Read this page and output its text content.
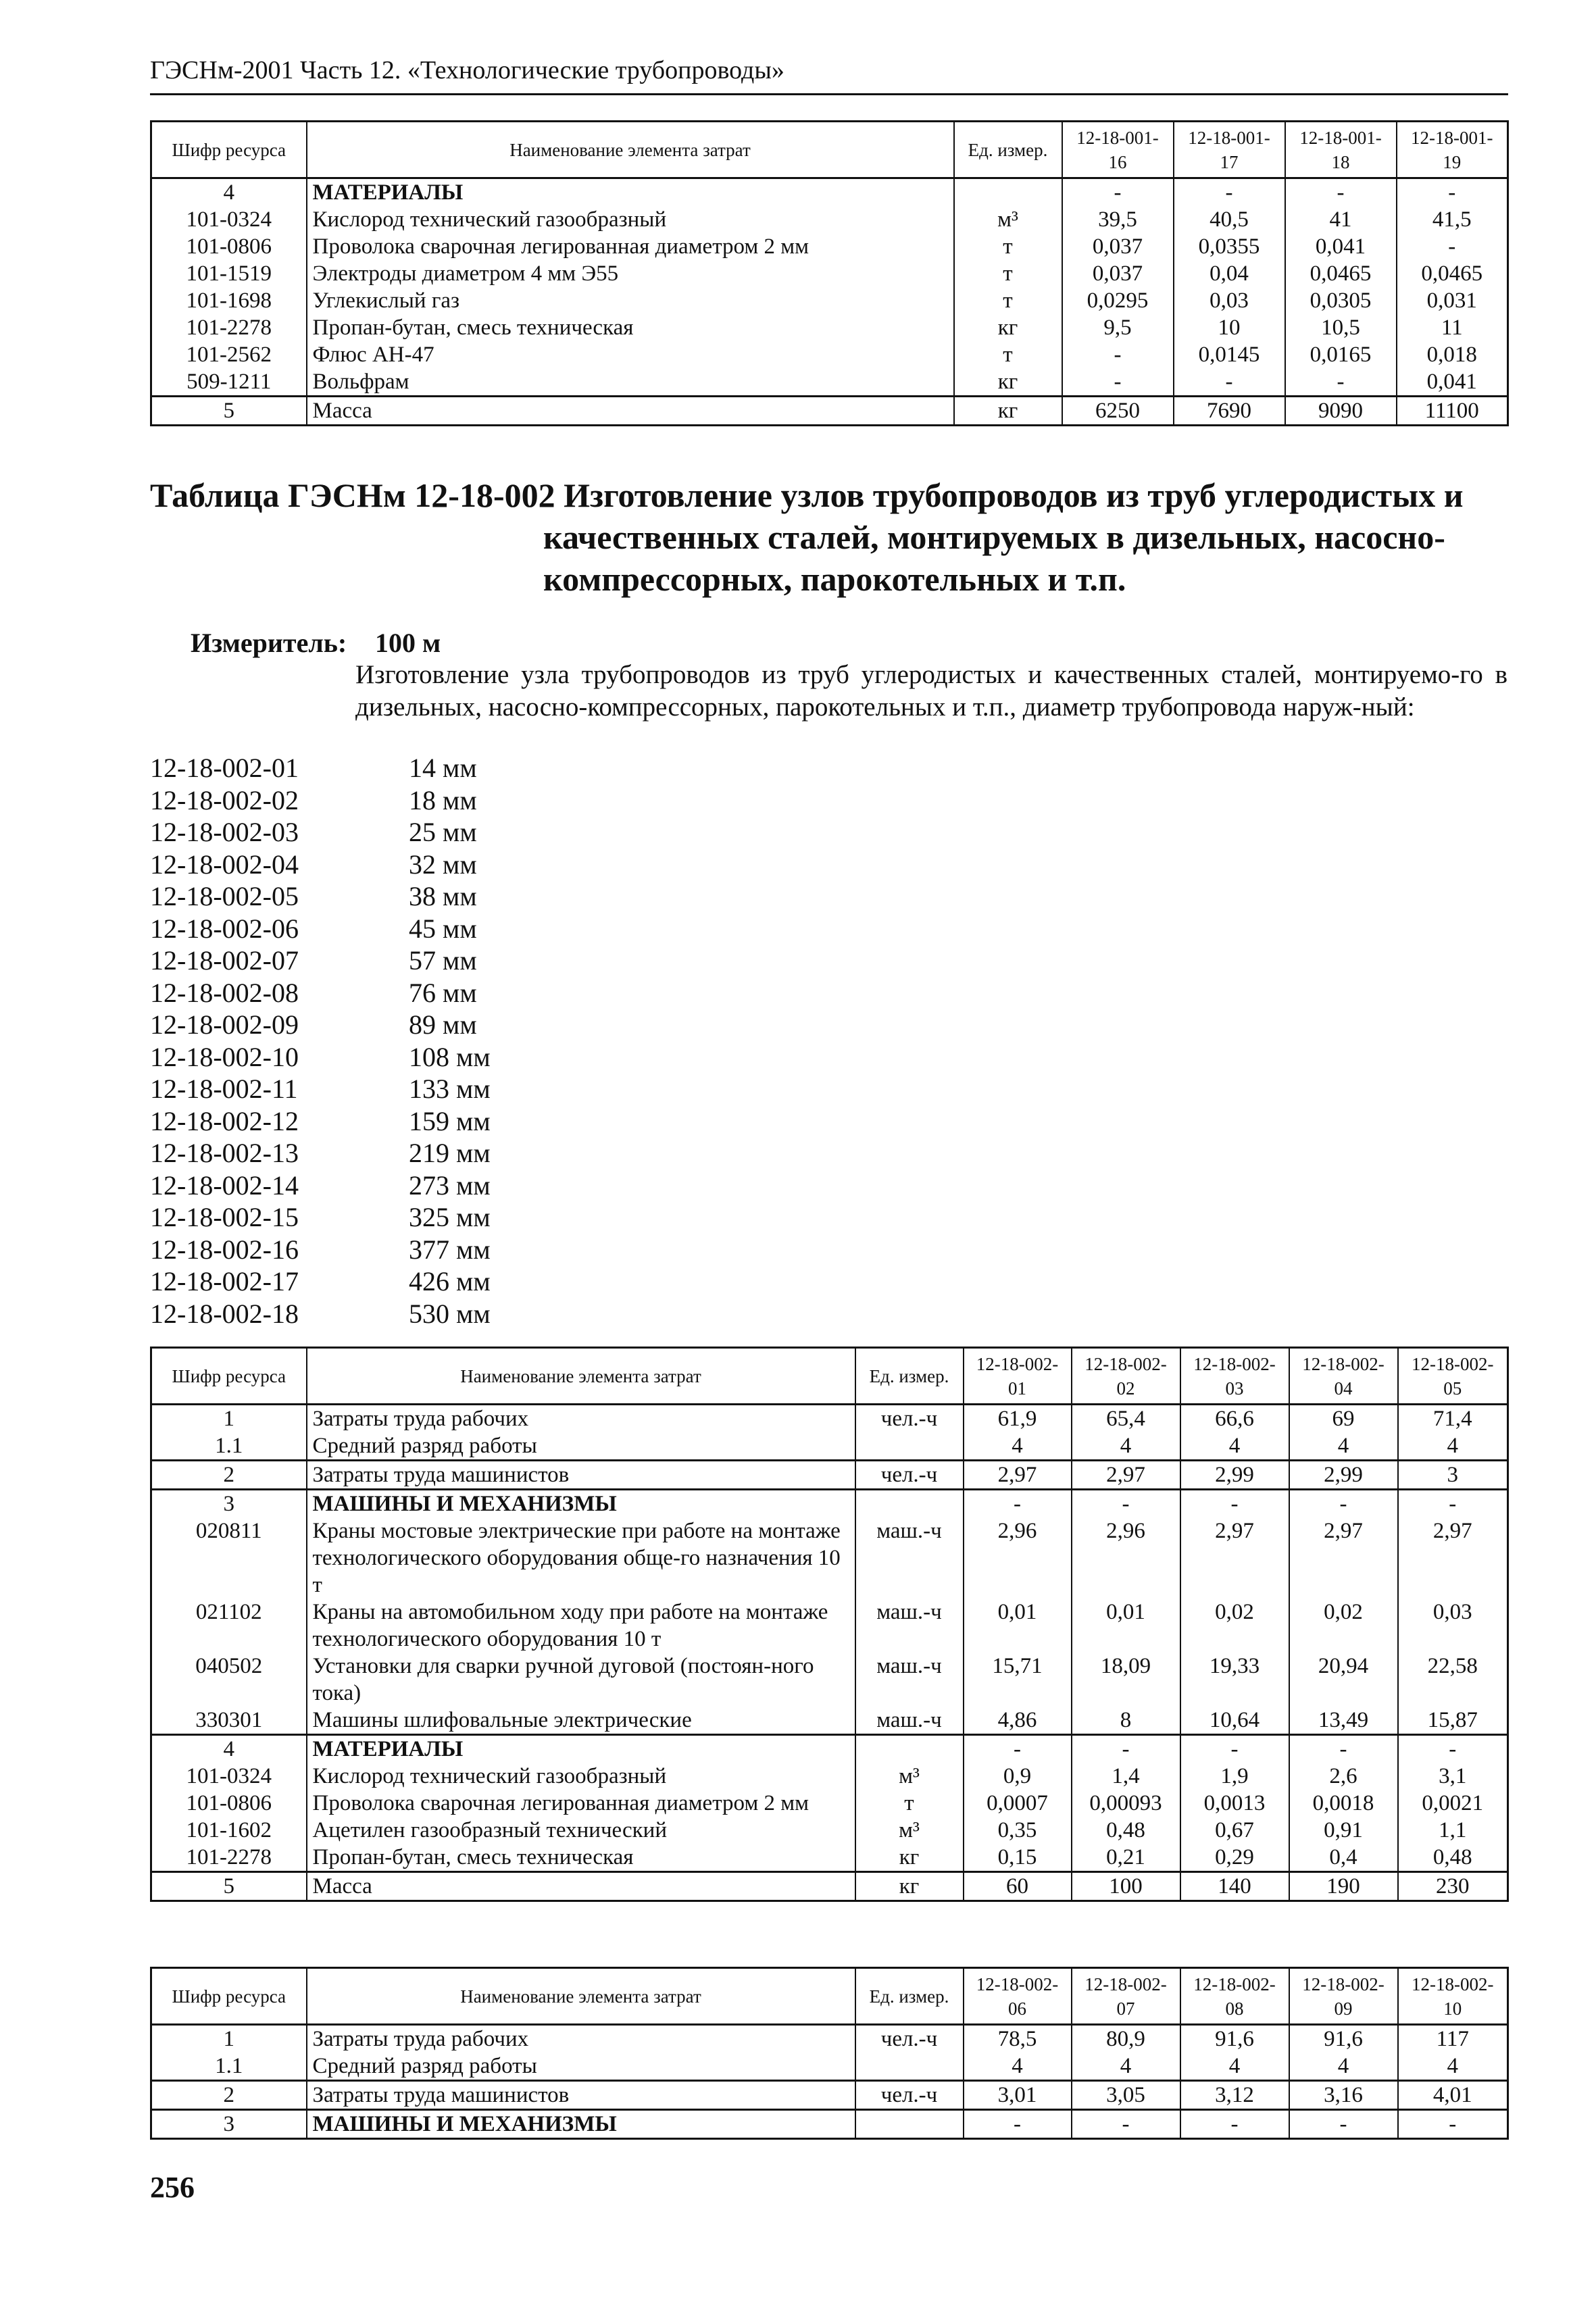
ГЭСНм-2001 Часть 12. «Технологические трубопроводы»
Шифр ресурса	Наименование элемента затрат	Ед. измер.	12-18-001-16	12-18-001-17	12-18-001-18	12-18-001-19
4	МАТЕРИАЛЫ		-	-	-	-
101-0324	Кислород технический газообразный	м³	39,5	40,5	41	41,5
101-0806	Проволока сварочная легированная диаметром 2 мм	т	0,037	0,0355	0,041	-
101-1519	Электроды диаметром 4 мм Э55	т	0,037	0,04	0,0465	0,0465
101-1698	Углекислый газ	т	0,0295	0,03	0,0305	0,031
101-2278	Пропан-бутан, смесь техническая	кг	9,5	10	10,5	11
101-2562	Флюс АН-47	т	-	0,0145	0,0165	0,018
509-1211	Вольфрам	кг	-	-	-	0,041
5	Масса	кг	6250	7690	9090	11100
Таблица ГЭСНм 12-18-002 Изготовление узлов трубопроводов из труб углеродистых и
качественных сталей, монтируемых в дизельных, насосно-
компрессорных, парокотельных и т.п.
Измеритель: 100 м
Изготовление узла трубопроводов из труб углеродистых и качественных сталей, монтируемо-го в дизельных, насосно-компрессорных, парокотельных и т.п., диаметр трубопровода наруж-ный:
12-18-002-01	14 мм
12-18-002-02	18 мм
12-18-002-03	25 мм
12-18-002-04	32 мм
12-18-002-05	38 мм
12-18-002-06	45 мм
12-18-002-07	57 мм
12-18-002-08	76 мм
12-18-002-09	89 мм
12-18-002-10	108 мм
12-18-002-11	133 мм
12-18-002-12	159 мм
12-18-002-13	219 мм
12-18-002-14	273 мм
12-18-002-15	325 мм
12-18-002-16	377 мм
12-18-002-17	426 мм
12-18-002-18	530 мм
Шифр ресурса	Наименование элемента затрат	Ед. измер.	12-18-002-01	12-18-002-02	12-18-002-03	12-18-002-04	12-18-002-05
1	Затраты труда рабочих	чел.-ч	61,9	65,4	66,6	69	71,4
1.1	Средний разряд работы		4	4	4	4	4
2	Затраты труда машинистов	чел.-ч	2,97	2,97	2,99	2,99	3
3	МАШИНЫ И МЕХАНИЗМЫ		-	-	-	-	-
020811	Краны мостовые электрические при работе на монтаже технологического оборудования обще-го назначения 10 т	маш.-ч	2,96	2,96	2,97	2,97	2,97
021102	Краны на автомобильном ходу при работе на монтаже технологического оборудования 10 т	маш.-ч	0,01	0,01	0,02	0,02	0,03
040502	Установки для сварки ручной дуговой (постоян-ного тока)	маш.-ч	15,71	18,09	19,33	20,94	22,58
330301	Машины шлифовальные электрические	маш.-ч	4,86	8	10,64	13,49	15,87
4	МАТЕРИАЛЫ		-	-	-	-	-
101-0324	Кислород технический газообразный	м³	0,9	1,4	1,9	2,6	3,1
101-0806	Проволока сварочная легированная диаметром 2 мм	т	0,0007	0,00093	0,0013	0,0018	0,0021
101-1602	Ацетилен газообразный технический	м³	0,35	0,48	0,67	0,91	1,1
101-2278	Пропан-бутан, смесь техническая	кг	0,15	0,21	0,29	0,4	0,48
5	Масса	кг	60	100	140	190	230
Шифр ресурса	Наименование элемента затрат	Ед. измер.	12-18-002-06	12-18-002-07	12-18-002-08	12-18-002-09	12-18-002-10
1	Затраты труда рабочих	чел.-ч	78,5	80,9	91,6	91,6	117
1.1	Средний разряд работы		4	4	4	4	4
2	Затраты труда машинистов	чел.-ч	3,01	3,05	3,12	3,16	4,01
3	МАШИНЫ И МЕХАНИЗМЫ		-	-	-	-	-
256
